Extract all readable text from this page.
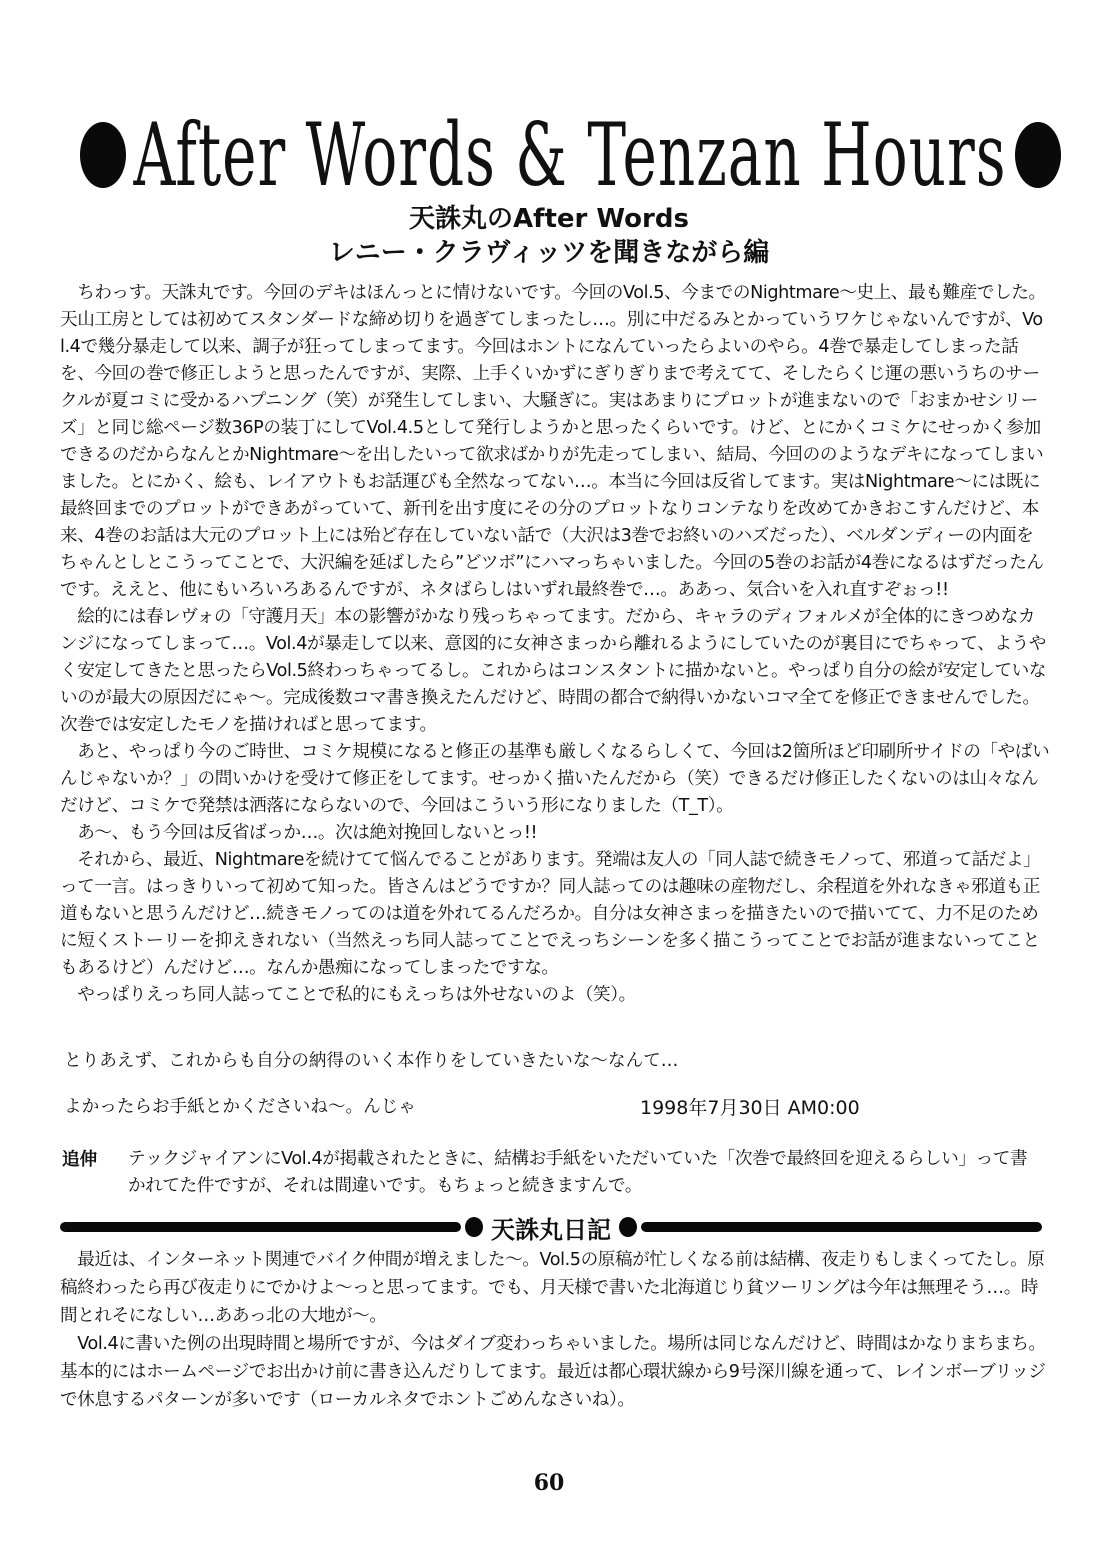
After Words & Tenzan Hours
天誅丸のAfter Words
レニー・クラヴィッツを聞きながら編
　ちわっす。天誅丸です。今回のデキはほんっとに情けないです。今回のVol.5、今までのNightmare～史上、最も難産でした。天山工房としては初めてスタンダードな締め切りを過ぎてしまったし…。別に中だるみとかっていうワケじゃないんですが、Vol.4で幾分暴走して以来、調子が狂ってしまってます。今回はホントになんていったらよいのやら。4巻で暴走してしまった話を、今回の巻で修正しようと思ったんですが、実際、上手くいかずにぎりぎりまで考えてて、そしたらくじ運の悪いうちのサークルが夏コミに受かるハプニング（笑）が発生してしまい、大騒ぎに。実はあまりにプロットが進まないので「おまかせシリーズ」と同じ総ページ数36Pの装丁にしてVol.4.5として発行しようかと思ったくらいです。けど、とにかくコミケにせっかく参加できるのだからなんとかNightmare～を出したいって欲求ばかりが先走ってしまい、結局、今回ののようなデキになってしまいました。とにかく、絵も、レイアウトもお話運びも全然なってない…。本当に今回は反省してます。実はNightmare～には既に最終回までのプロットができあがっていて、新刊を出す度にその分のプロットなりコンテなりを改めてかきおこすんだけど、本来、4巻のお話は大元のプロット上には殆ど存在していない話で（大沢は3巻でお終いのハズだった）、ベルダンディーの内面をちゃんとしとこうってことで、大沢編を延ばしたら”どツボ”にハマっちゃいました。今回の5巻のお話が4巻になるはずだったんです。ええと、他にもいろいろあるんですが、ネタばらしはいずれ最終巻で…。ああっ、気合いを入れ直すぞぉっ!!
　絵的には春レヴォの「守護月天」本の影響がかなり残っちゃってます。だから、キャラのディフォルメが全体的にきつめなカンジになってしまって…。Vol.4が暴走して以来、意図的に女神さまっから離れるようにしていたのが裏目にでちゃって、ようやく安定してきたと思ったらVol.5終わっちゃってるし。これからはコンスタントに描かないと。やっぱり自分の絵が安定していないのが最大の原因だにゃ～。完成後数コマ書き換えたんだけど、時間の都合で納得いかないコマ全てを修正できませんでした。次巻では安定したモノを描ければと思ってます。
　あと、やっぱり今のご時世、コミケ規模になると修正の基準も厳しくなるらしくて、今回は2箇所ほど印刷所サイドの「やばいんじゃないか？」の問いかけを受けて修正をしてます。せっかく描いたんだから（笑）できるだけ修正したくないのは山々なんだけど、コミケで発禁は洒落にならないので、今回はこういう形になりました（T_T）。
　あ～、もう今回は反省ばっか…。次は絶対挽回しないとっ!!
　それから、最近、Nightmareを続けてて悩んでることがあります。発端は友人の「同人誌で続きモノって、邪道って話だよ」って一言。はっきりいって初めて知った。皆さんはどうですか？同人誌ってのは趣味の産物だし、余程道を外れなきゃ邪道も正道もないと思うんだけど…続きモノってのは道を外れてるんだろか。自分は女神さまっを描きたいので描いてて、力不足のために短くストーリーを抑えきれない（当然えっち同人誌ってことでえっちシーンを多く描こうってことでお話が進まないってこともあるけど）んだけど…。なんか愚痴になってしまったですな。
　やっぱりえっち同人誌ってことで私的にもえっちは外せないのよ（笑）。
とりあえず、これからも自分の納得のいく本作りをしていきたいな～なんて…
よかったらお手紙とかくださいね～。んじゃ	1998年7月30日 AM0:00
追伸 テックジャイアンにVol.4が掲載されたときに、結構お手紙をいただいていた「次巻で最終回を迎えるらしい」って書かれてた件ですが、それは間違いです。もちょっと続きますんで。
天誅丸日記
　最近は、インターネット関連でバイク仲間が増えました～。Vol.5の原稿が忙しくなる前は結構、夜走りもしまくってたし。原稿終わったら再び夜走りにでかけよ～っと思ってます。でも、月天様で書いた北海道じり貧ツーリングは今年は無理そう…。時間とれそになしい…ああっ北の大地が～。
　Vol.4に書いた例の出現時間と場所ですが、今はダイブ変わっちゃいました。場所は同じなんだけど、時間はかなりまちまち。基本的にはホームページでお出かけ前に書き込んだりしてます。最近は都心環状線から9号深川線を通って、レインボーブリッジで休息するパターンが多いです（ローカルネタでホントごめんなさいね）。
60
